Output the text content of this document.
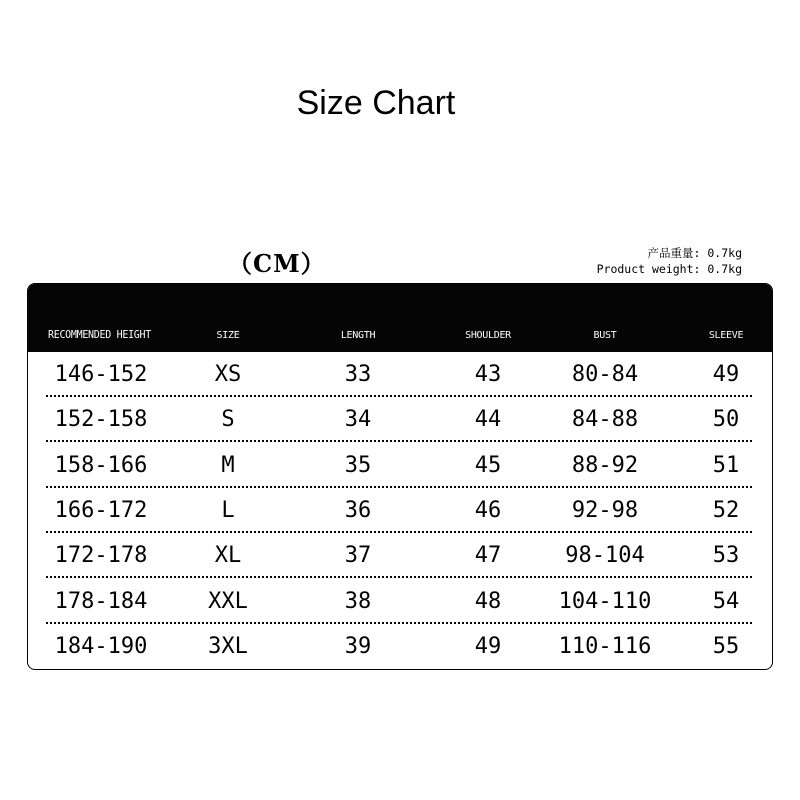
Size Chart
（CM）	产品重量: 0.7kg
Product weight: 0.7kg
RECOMMENDED HEIGHT	SIZE	LENGTH	SHOULDER	BUST	SLEEVE
146-152	XS	33	43	80-84	49
152-158	S	34	44	84-88	50
158-166	M	35	45	88-92	51
166-172	L	36	46	92-98	52
172-178	XL	37	47	98-104	53
178-184	XXL	38	48	104-110	54
184-190	3XL	39	49	110-116	55
